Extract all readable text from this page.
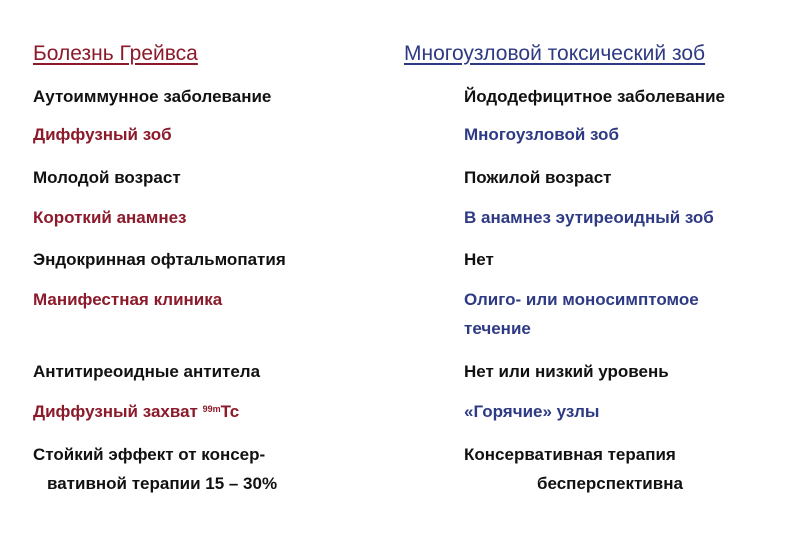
Болезнь Грейвса
Аутоиммунное заболевание
Диффузный зоб
Молодой возраст
Короткий анамнез
Эндокринная офтальмопатия
Манифестная клиника
Антитиреоидные антитела
Диффузный захват $^{99m}$Tc
Стойкий эффект от консер-
вативной терапии 15 – 30%
Многоузловой токсический зоб
Йододефицитное заболевание
Многоузловой зоб
Пожилой возраст
В анамнез эутиреоидный зоб
Нет
Олиго- или моносимптомое
течение
Нет или низкий уровень
«Горячие» узлы
Консервативная терапия
бесперспективна
